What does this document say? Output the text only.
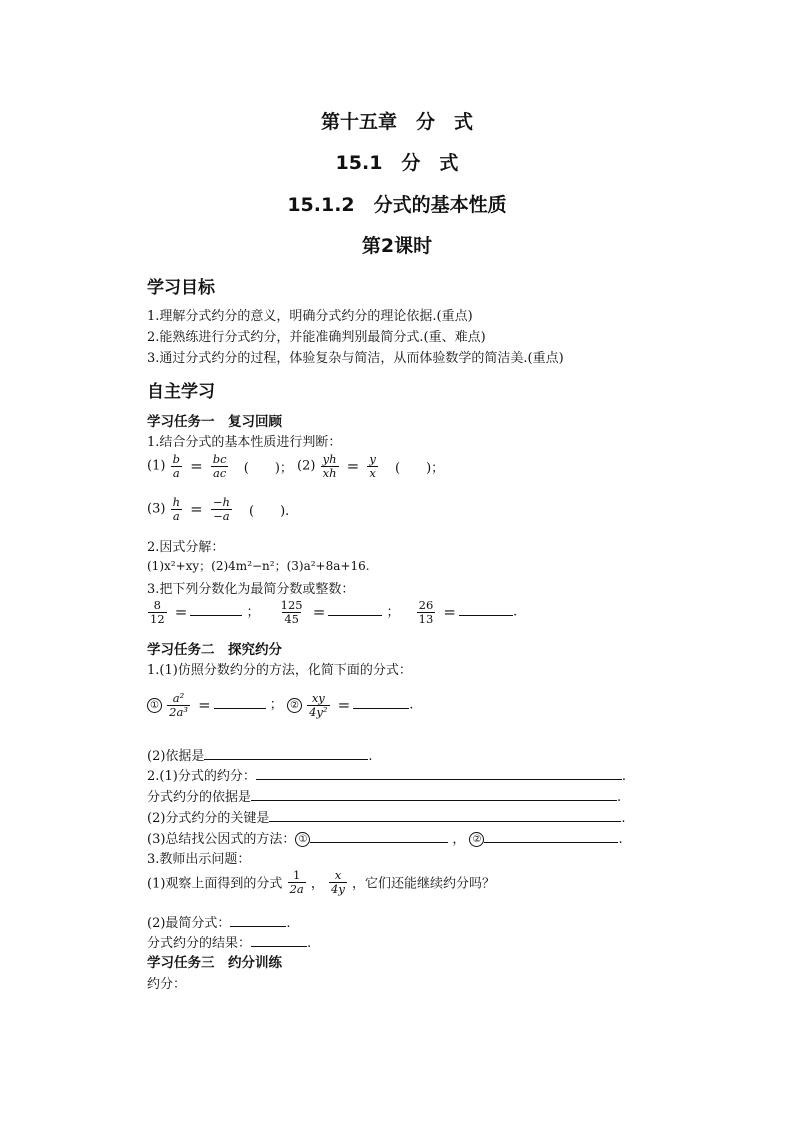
第十五章　分　式
15.1　分　式
15.1.2　分式的基本性质
第2课时
学习目标
1.理解分式约分的意义，明确分式约分的理论依据.(重点)
2.能熟练进行分式约分，并能准确判别最简分式.(重、难点)
3.通过分式约分的过程，体验复杂与简洁，从而体验数学的简洁美.(重点)
自主学习
学习任务一　复习回顾
1.结合分式的基本性质进行判断：
$(1) \frac{b}{a} = \frac{bc}{ac}$ (　　)； $(2) \frac{yh}{xh} = \frac{y}{x}$ (　　)；
$(3) \frac{h}{a} = \frac{-h}{-a}$ (　　).
2.因式分解：
(1)x²+xy；(2)4m²−n²；(3)a²+8a+16.
3.把下列分数化为最简分数或整数：
$\frac{8}{12}$ =	； $\frac{125}{45}$ =	； $\frac{26}{13}$ =	.
学习任务二　探究约分
1.(1)仿照分数约分的方法，化简下面的分式：
① $\frac{\text{a²}}{\text{2a³}}$ =	； ② $\frac{xy}{\text{4y²}}$ =	.
(2)依据是	.
2.(1)分式的约分：	.
分式约分的依据是	.
(2)分式约分的关键是	.
(3)总结找公因式的方法： ①	， ②	.
3.教师出示问题：
(1)观察上面得到的分式 $\frac{1}{2a}$ ， $\frac{x}{4y}$ ，它们还能继续约分吗？
(2)最简分式：	.
分式约分的结果：	.
学习任务三　约分训练
约分：
